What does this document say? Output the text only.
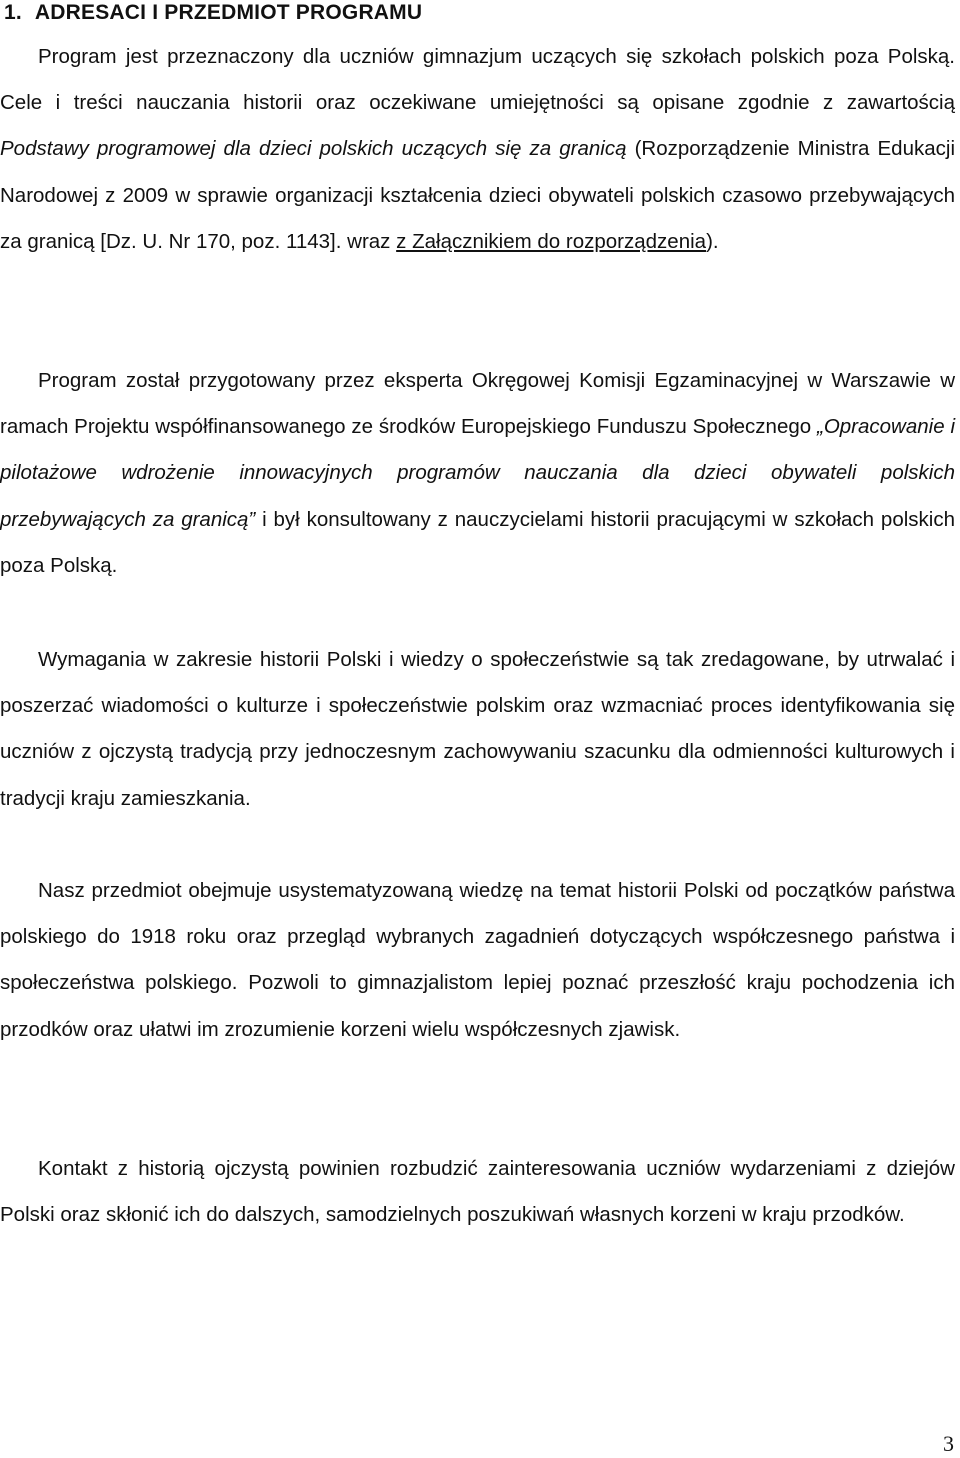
1. ADRESACI I PRZEDMIOT PROGRAMU

Program jest przeznaczony dla uczniów gimnazjum uczących się szkołach polskich poza Polską. Cele i treści nauczania historii oraz oczekiwane umiejętności są opisane zgodnie z zawartością Podstawy programowej dla dzieci polskich uczących się za granicą (Rozporządzenie Ministra Edukacji Narodowej z 2009 w sprawie organizacji kształcenia dzieci obywateli polskich czasowo przebywających za granicą [Dz. U. Nr 170, poz. 1143]. wraz z Załącznikiem do rozporządzenia).

Program został przygotowany przez eksperta Okręgowej Komisji Egzaminacyjnej w Warszawie w ramach Projektu współfinansowanego ze środków Europejskiego Funduszu Społecznego „Opracowanie i pilotażowe wdrożenie innowacyjnych programów nauczania dla dzieci obywateli polskich przebywających za granicą” i był konsultowany z nauczycielami historii pracującymi w szkołach polskich poza Polską.

Wymagania w zakresie historii Polski i wiedzy o społeczeństwie są tak zredagowane, by utrwalać i poszerzać wiadomości o kulturze i społeczeństwie polskim oraz wzmacniać proces identyfikowania się uczniów z ojczystą tradycją przy jednoczesnym zachowywaniu szacunku dla odmienności kulturowych i tradycji kraju zamieszkania.

Nasz przedmiot obejmuje usystematyzowaną wiedzę na temat historii Polski od początków państwa polskiego do 1918 roku oraz przegląd wybranych zagadnień dotyczących współczesnego państwa i społeczeństwa polskiego. Pozwoli to gimnazjalistom lepiej poznać przeszłość kraju pochodzenia ich przodków oraz ułatwi im zrozumienie korzeni wielu współczesnych zjawisk.

Kontakt z historią ojczystą powinien rozbudzić zainteresowania uczniów wydarzeniami z dziejów Polski oraz skłonić ich do dalszych, samodzielnych poszukiwań własnych korzeni w kraju przodków.

3
